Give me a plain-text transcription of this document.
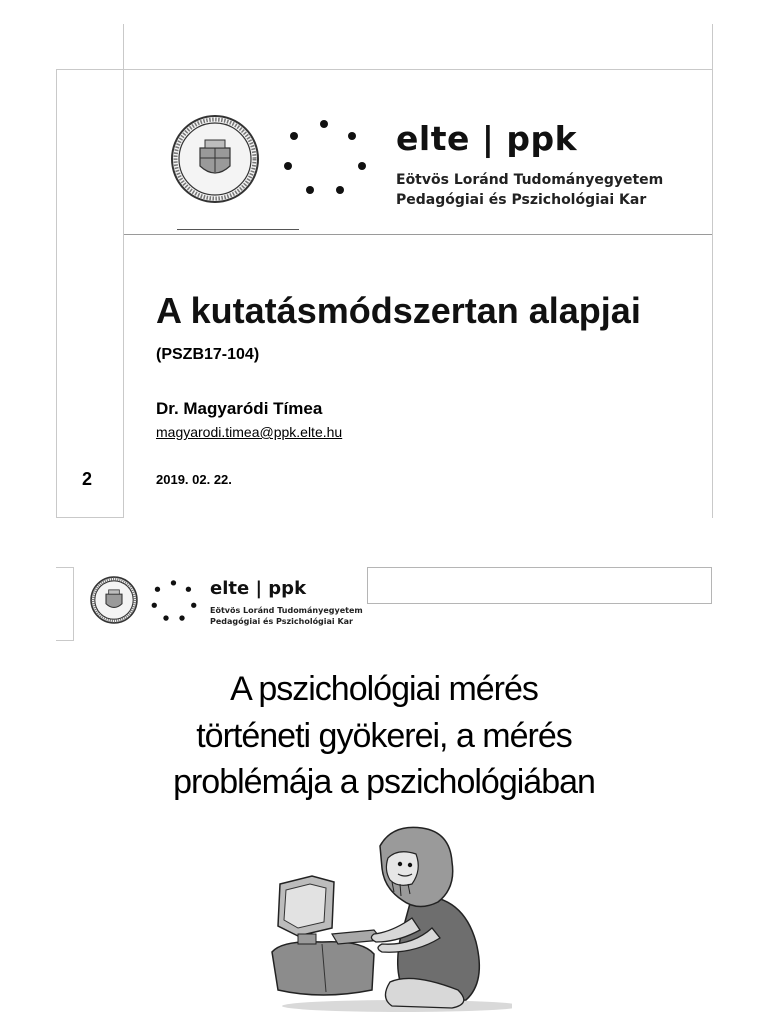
elte | ppk
Eötvös Loránd Tudományegyetem
Pedagógiai és Pszichológiai Kar
A kutatásmódszertan alapjai
(PSZB17-104)
Dr. Magyaródi Tímea
magyarodi.timea@ppk.elte.hu
2019. 02. 22.
2
elte | ppk
Eötvös Loránd Tudományegyetem
Pedagógiai és Pszichológiai Kar
A pszichológiai mérés
történeti gyökerei, a mérés
problémája a pszichológiában
